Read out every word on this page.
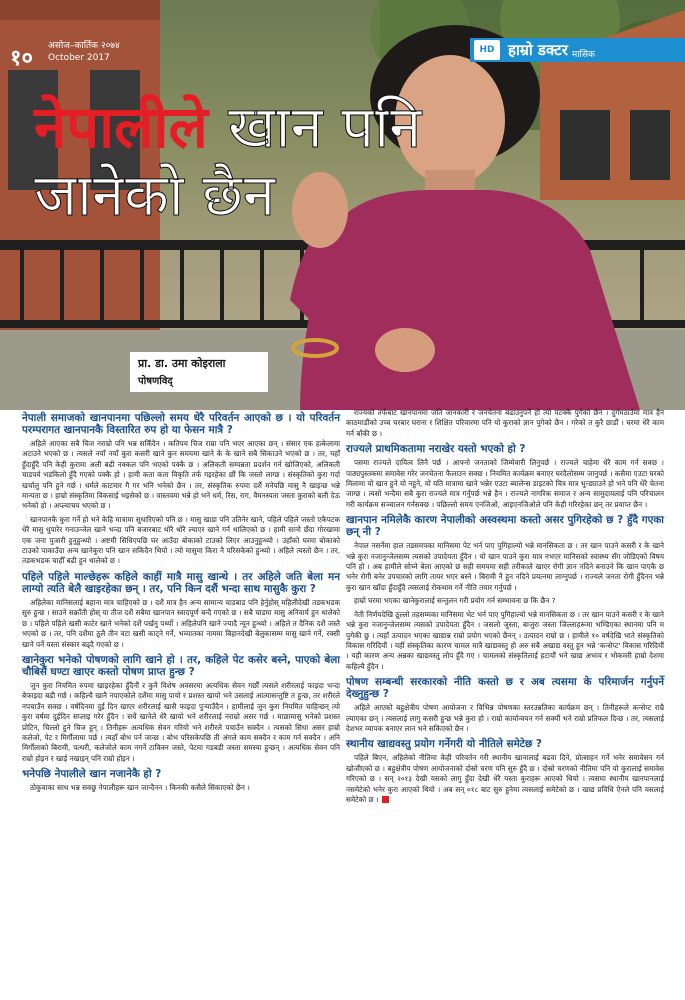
१० असोज–कार्तिक २०७४
October 2017
HD हाम्रो डक्टर मासिक
नेपालीले खान पनि
जानेको छैन
प्रा. डा. उमा कोइराला
पोषणविद्
नेपाली समाजको खानपानमा पछिल्लो समय धेरै परिवर्तन आएको छ । यो परिवर्तन परम्परागत खानपानकै विस्तारित रुप हो या फेसन मात्रै ?
अहिले आएका सबै चिज नराम्रो पनि भन्न सकिँदैन । कतिपय चिज राम्रा पनि भएर आएका छन् । संसार एक हत्केलामा अटाउने भएको छ । त्यसले नयाँ नयाँ कुरा कसरी खाने कुन समयमा खाने के के खाने सबै सिकाउने भएको छ । तर, यहाँ हुँदाहुँदै पनि केही कुरामा अली बढी नक्कल पनि भएको पक्कै छ । अलिकती सम्पन्नता प्रदर्शन गर्न खोजिएको, अलिकती चाडपर्व भडकिलो हुँदै गएको पक्कै हो । हामी कता कता विकृति तर्फ गइरहेका छौं कि जस्तो लाग्छ । संस्कृतिको कुरा गर्दा खर्चालु पनि हुने गर्छ । धर्मले काटमार गै गर भनि भनेको छैन । तर, संस्कृतिक रुपमा दर्शै मनेपछि मासु नै खाइन्छ भन्ने मान्यता छ । हाम्रो संस्कृतिमा विकसाई भइसेको छ । वास्तवमा भन्ने हो भने धर्म, रिस, राग, वैमनस्यता जस्ता कुराको बली देऊ भनेको हो । अप्ल्याचय भएको छ ।
खानपानकै कुरा गर्ने हो भने केहि मात्रामा सुधारिएको पनि छ । मासु खाडा पनि उतिनेर खाने, पहिले पहिले जस्तो एकैपटक धेरै मासु धुपारेर गनाउन्जेल खाने भन्दा पनि बजारबाट थोरै थोरै ल्याएर खाने गर्न थालिएको छ । हामी सानो छँदा गोरखामा एक जना पुजारी हुनुहुन्थ्यो । अष्टमी सिधिएपछि घर आउँदा बोकाको टाउको लिएर आउनुहुन्थ्यो । उहाँको घरमा बोकाको टाउको पाकाउँदा अन्य खानेकुरा पनि खान सकिदैन थियो । त्यो मासुमा किरा नै परिसकेको हुन्थ्यो । अहिले त्यस्तो छैन । तर, तडकभडक चाहीँ बढी हुन थालेको छ ।
पहिले पहिले माल्छेहरू कहिले काहीं मात्रै मासु खान्थे । तर अहिले जति बेला मन लाग्यो त्यति बेलै खाइरहेका छन् । तर, पनि किन दशैं भन्दा साथ मासुकै कुरा ?
अहिलेका मानिसलाई बहाना मात्र चाहिएको छ । दशैं मात्र हैन अन्य सामान्य चाडबाड पनि हेर्नुहोस् महिलीदेखी तडकभडक सुरु हुन्छ । साउने सक्राँती होस् या तीज दशैं सबैमा खानपान स्वादपूर्ण बन्दै गएको छ । सबै चाडमा मासु अनिवार्य हुन थालेको छ । पहिले पहिले खसी काटेर खाने भनेको दशैं पर्खनु पर्थ्यो । अहिलेपनि खाने ज्यादै न्यून हुन्थ्यो । अहिले त दैनिक दशैं जस्तै भएको छ । तर, पनि दशैंमा ठूलै तीन वटा खसी काट्ने गर्ने, भव्यातका नाममा बिहानदेखी बेलुकासम्म मासु खाने गर्ने, रक्सी खाने पर्ने यस्ता संस्कार बढ्दै गएको छ ।
खानेकुरा भनेको पोषणको लागि खाने हो । तर, कहिले पेट कसेर बस्ने, पाएको बेला चौबिसैं घण्टा खाएर कस्तो पोषण प्राप्त हुन्छ ?
जुन कुरा नियमित रुपमा खाइरहेका हुँदैनौं र कुनै विशेष अवसरमा अत्यधिक सेवन गर्छौं त्यसले शरीरलाई फाइदा भन्दा बेफाइदा बढी गर्छ । कहिल्यै खानै नपाएकोले दशैंमा मासु पायो र प्रशस्त खायो भने उसलाई आत्मासन्तुष्टि त हुन्छ, तर शरीरले नपचाउँन सक्छ । वर्षदिनमा दुई दिन खाएर शरीरलाई खासै फाइदा पुऱ्याउँदैन । हामीलाई जुन कुरा नियमित चाहिन्छन् त्यो कुरा वर्षमा दुईदिन सप्लाइ गरेर हुँदैन । सधैं खानेले धेरै खायो भने शरीरलाई नराम्रो असर गर्छ । माछामासु भनेको प्रशस्त प्रोटिन, चिल्लो हुने चिज हुन् । तिनीहरू अत्यधिक सेवन गरियो भने शरीरले पचाउँन सक्दैन । त्यसको सिधा असर हाम्रो कलेजो, पेट र मिर्गौलामा पर्छ । त्यहाँ बोभ पर्न जान्छ । बोभ परिसकेपछि ती अंगले काम सक्दैन र काम गर्न सक्दैन । अनि मिर्गौलाको बिरामी, पत्थरी, कलेजोले काम नगर्ने टाकिस्न जस्ते, पेटमा गडबडी जस्ता समस्या हुन्छन् । अत्यधिक सेवन पनि राम्रो होइन र खाई नखाइन् पनि राम्रो होइन ।
भनेपछि नेपालीले खान नजानेकै हो ?
ठोकुवाका साथ भन्न सक्छु नेपालीहरू खान जान्दैनन । किनकी कसैले सिकाएको छैन ।
राज्यको तर्फबाट खानपानमा जति जानकारी र जनचेतना बढाउनुपर्ने हो त्यो पटक्कै पुगेको छैन । दुर्गमठाउँमा मात्र हैन काठमाडौंको उच्च घरबार घराना र शिक्षित परिवारमा पनि यो कुराको ज्ञान पुगेको छैन । गरेको त कुरै छाडौं । घरमा धेरै काम गर्न बाँकी छ ।
राज्यले प्राथमिकतामा नराखेर यस्तो भएको हो ?
पसमा राज्यले दायित्व लिनै पर्छ । आफ्नो जनताको जिम्मेवारी लिनुपर्छ । राज्यले चाहेमा धेरै काम गर्न सक्छ । पाठ्यपुस्तकमा समावेस गरेर जनचेतना फैलाउन सक्छ । नियमित कार्यक्रम बनाएर घरदैलोसम्म जानुपर्छ । कसैमा एउटा घरको मिलामा यो खान हुने यो नहुने, यो यति मात्रामा खाने भन्नेर एउटा ब्यालेन्स डाइटको चित्र मात्र भुन्ड्याउने हो भने पनि धेरै चेतना जाग्छ । त्यसो भन्दैमा सबै कुरा राज्यले मात्र गर्नुपर्छ भन्ने हैन । राज्यले नागरिक समाज र अन्य सामुदायलाई पनि परिचालन गरी कार्यक्रम सञ्चालन गर्नसक्छ । पछिल्लो समय एनजिओ, आइएनजिओले पनि केही गरिरहेका छन् तर प्रयाप्त छैन ।
खानपान नमिलेकै कारण नेपालीको अस्वस्थमा कस्तो असर पुगिरहेको छ ? हुँदै गएका छन् नी ?
नेपाल नसर्नेमा हाल तडसमपका मानिसमा पेट भर्न पाए पुगिहाल्यो भन्ने मानसिकता छ । तर खान पाउने कसरी र के खाने भन्ने कुरा नजानुन्जेलसम्म त्यसको उपादेयता हुँदैन । यो खान पाउने कुरा मात्र नभएर मानिसको स्वास्थ्य सँग जोडिएको विषय पनि हो । अब हामीले सोच्ने बेला आएको छ सही समयमा सही तरीकाले खाएर रोगी ज्ञान नदिने बनाउने कि खान पाएकै छ भनेर रोगी बनेर उपचारको लागि तायर भएर बस्ने । बिरामी नै हुन नदिने प्रयत्नमा लाग्नुपर्छ । राज्यले जनता रोगी हुँदैनन भन्ने कुरा खान खाँदा हुँदाहुँदै त्यसलाई रोकथाम गर्ने नीति तयार गर्नुपर्छ ।
हाम्रो घरमा भएका खानेकुरालाई सन्तुलन गरी प्रयोग गर्न सम्भावना छ कि छैन ?
नेती निर्णयदेखि ठूल्लो तहसम्मका मानिसमा भेट भर्न पाए पुगिहाल्यो भन्ने मानसिकता छ । तर खान पाउने कसरी र के खाने भन्ने कुरा नजानुन्जेलसम्म त्यसको उपादेयता हुँदैन । जसलो जुस्ता, बाजुरा जस्ता जिल्लाहरूमा भण्डिएका स्थानमा पनि म पुगेकी छु । त्यहाँ उत्पादन भएका खाद्यान्न राम्रो प्रयोग भएको छैनन् । उत्पादन राम्रो छ । हामीले १० वर्षदेखि भाते संस्कृतिको विकास गरिदियौं । यहीं संस्कृतिका कारण चामल मात्रै खाद्यवस्तु हो अरु सबै अखाद्य वस्तु हुन भन्ने 'कन्सेप्ट' विकास गरिदियौं । यही कारण अन्य अन्नका खाद्यवस्तु लोप हुँदै गए । चामलको संस्कृतिलाई हटायौं भने खाद्य अभाव र भोकमरी हाम्रो देशमा कहिल्यै हुँदैन ।
पोषण सम्बन्धी सरकारको नीति कस्तो छ र अब त्यसमा के परिमार्जन गर्नुपर्ने देख्नुहुन्छ ?
अहिले आएको बहुक्षेत्रीय पोषण आयोजना र विभिन्न पोषणका स्तरउन्नतिका कार्यक्रम छन् । तिनीहरूले कन्सेप्ट राम्रै ल्याएका छन् । त्यसलाई लागु कसरी हुन्छ भन्ने कुरा हो । राम्रो कार्यान्वयन गर्न सक्यौं भने राम्रो प्रतिफल दिन्छ । तर, त्यसलाई देशभर व्यापक बनाएर लान भने सकिएको छैन ।
स्थानीय खाद्यवस्तु प्रयोग गर्नेगरी यो नीतिले समेटेछ ?
पहिले बिएन, अहिलेको नीतिमा केही परिवर्तन गरी स्थानीय खानालाई बढवा दिने, प्रोत्साहन गर्ने भनेर समावेसन गर्न खोजीएको छ । बहुक्षेत्रीय पोषण आयोजनाको दोस्रो चरण पनि सुरु हुँदै छ । दोस्रो चरणको नीतिमा पनि यो कुरालाई समावेस गरिएको छ । सन् २०१३ देखी यसको लागु हुँदा देखी धेरै यस्ता कुराहरू आएको थियो । त्यसमा स्थानीय खानपानलाई नसमेटेको भनेर कुरा आएको थियो । अब सन् ०१८ बाट सुरु हुनेमा त्यसलाई समेटेको छ । खाद्य प्रविधि ऐनले पनि यसलाई समेटेको छ ।
